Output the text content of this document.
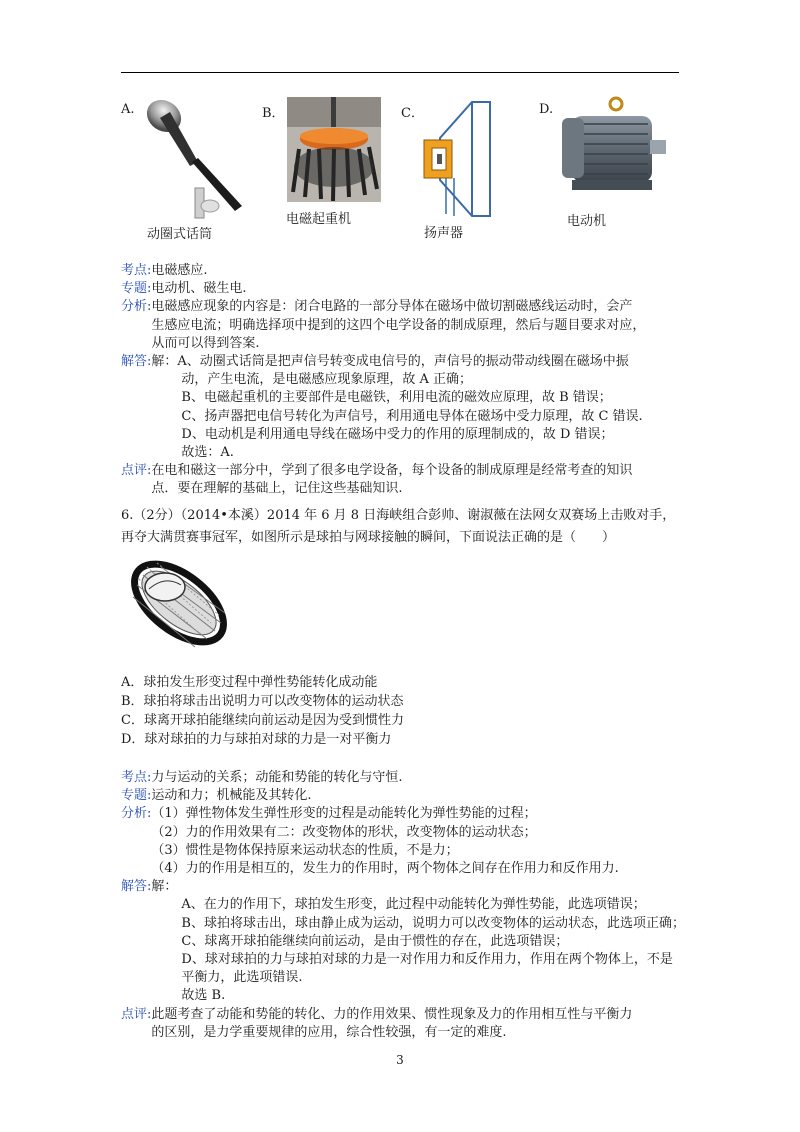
A.
动圈式话筒
B．
电磁起重机
C．
扬声器
D.
电动机
考点: 电磁感应.
专题: 电动机、磁生电.
分析: 电磁感应现象的内容是：闭合电路的一部分导体在磁场中做切割磁感线运动时，会产
生感应电流；明确选择项中提到的这四个电学设备的制成原理，然后与题目要求对应，
从而可以得到答案.
解答: 解：A、动圈式话筒是把声信号转变成电信号的，声信号的振动带动线圈在磁场中振
动，产生电流，是电磁感应现象原理，故 A 正确；
B、电磁起重机的主要部件是电磁铁，利用电流的磁效应原理，故 B 错误；
C、扬声器把电信号转化为声信号，利用通电导体在磁场中受力原理，故 C 错误.
D、电动机是利用通电导线在磁场中受力的作用的原理制成的，故 D 错误；
故选：A.
点评: 在电和磁这一部分中，学到了很多电学设备，每个设备的制成原理是经常考查的知识
点．要在理解的基础上，记住这些基础知识.
6.（2分）（2014•本溪）2014 年 6 月 8 日海峡组合彭帅、谢淑薇在法网女双赛场上击败对手，
再夺大满贯赛事冠军，如图所示是球拍与网球接触的瞬间，下面说法正确的是（　　）
A．球拍发生形变过程中弹性势能转化成动能
B．球拍将球击出说明力可以改变物体的运动状态
C．球离开球拍能继续向前运动是因为受到惯性力
D．球对球拍的力与球拍对球的力是一对平衡力
考点: 力与运动的关系；动能和势能的转化与守恒.
专题: 运动和力；机械能及其转化.
分析: （1）弹性物体发生弹性形变的过程是动能转化为弹性势能的过程；
（2）力的作用效果有二：改变物体的形状，改变物体的运动状态；
（3）惯性是物体保持原来运动状态的性质，不是力；
（4）力的作用是相互的，发生力的作用时，两个物体之间存在作用力和反作用力.
解答: 解：
A、在力的作用下，球拍发生形变，此过程中动能转化为弹性势能，此选项错误；
B、球拍将球击出，球由静止成为运动，说明力可以改变物体的运动状态，此选项正确；
C、球离开球拍能继续向前运动，是由于惯性的存在，此选项错误；
D、球对球拍的力与球拍对球的力是一对作用力和反作用力，作用在两个物体上，不是
平衡力，此选项错误.
故选 B.
点评: 此题考查了动能和势能的转化、力的作用效果、惯性现象及力的作用相互性与平衡力
的区别，是力学重要规律的应用，综合性较强，有一定的难度.
3
